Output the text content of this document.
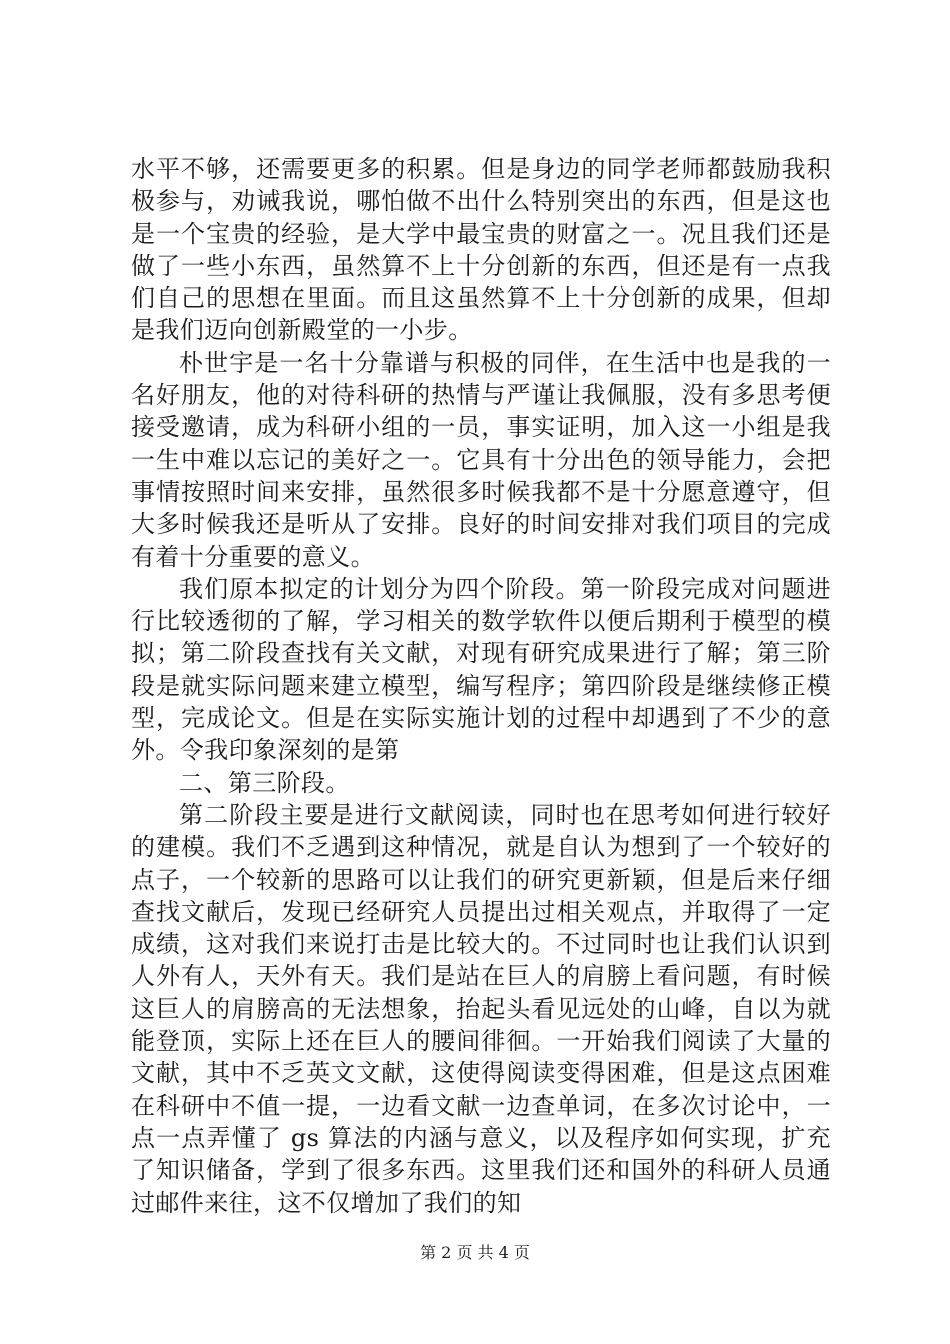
水平不够，还需要更多的积累。但是身边的同学老师都鼓励我积极参与，劝诫我说，哪怕做不出什么特别突出的东西，但是这也是一个宝贵的经验，是大学中最宝贵的财富之一。况且我们还是做了一些小东西，虽然算不上十分创新的东西，但还是有一点我们自己的思想在里面。而且这虽然算不上十分创新的成果，但却是我们迈向创新殿堂的一小步。

朴世宇是一名十分靠谱与积极的同伴，在生活中也是我的一名好朋友，他的对待科研的热情与严谨让我佩服，没有多思考便接受邀请，成为科研小组的一员，事实证明，加入这一小组是我一生中难以忘记的美好之一。它具有十分出色的领导能力，会把事情按照时间来安排，虽然很多时候我都不是十分愿意遵守，但大多时候我还是听从了安排。良好的时间安排对我们项目的完成有着十分重要的意义。

我们原本拟定的计划分为四个阶段。第一阶段完成对问题进行比较透彻的了解，学习相关的数学软件以便后期利于模型的模拟；第二阶段查找有关文献，对现有研究成果进行了解；第三阶段是就实际问题来建立模型，编写程序；第四阶段是继续修正模型，完成论文。但是在实际实施计划的过程中却遇到了不少的意外。令我印象深刻的是第

二、第三阶段。

第二阶段主要是进行文献阅读，同时也在思考如何进行较好的建模。我们不乏遇到这种情况，就是自认为想到了一个较好的点子，一个较新的思路可以让我们的研究更新颖，但是后来仔细查找文献后，发现已经研究人员提出过相关观点，并取得了一定成绩，这对我们来说打击是比较大的。不过同时也让我们认识到人外有人，天外有天。我们是站在巨人的肩膀上看问题，有时候这巨人的肩膀高的无法想象，抬起头看见远处的山峰，自以为就能登顶，实际上还在巨人的腰间徘徊。一开始我们阅读了大量的文献，其中不乏英文文献，这使得阅读变得困难，但是这点困难在科研中不值一提，一边看文献一边查单词，在多次讨论中，一点一点弄懂了 gs 算法的内涵与意义，以及程序如何实现，扩充了知识储备，学到了很多东西。这里我们还和国外的科研人员通过邮件来往，这不仅增加了我们的知

第 2 页 共 4 页
